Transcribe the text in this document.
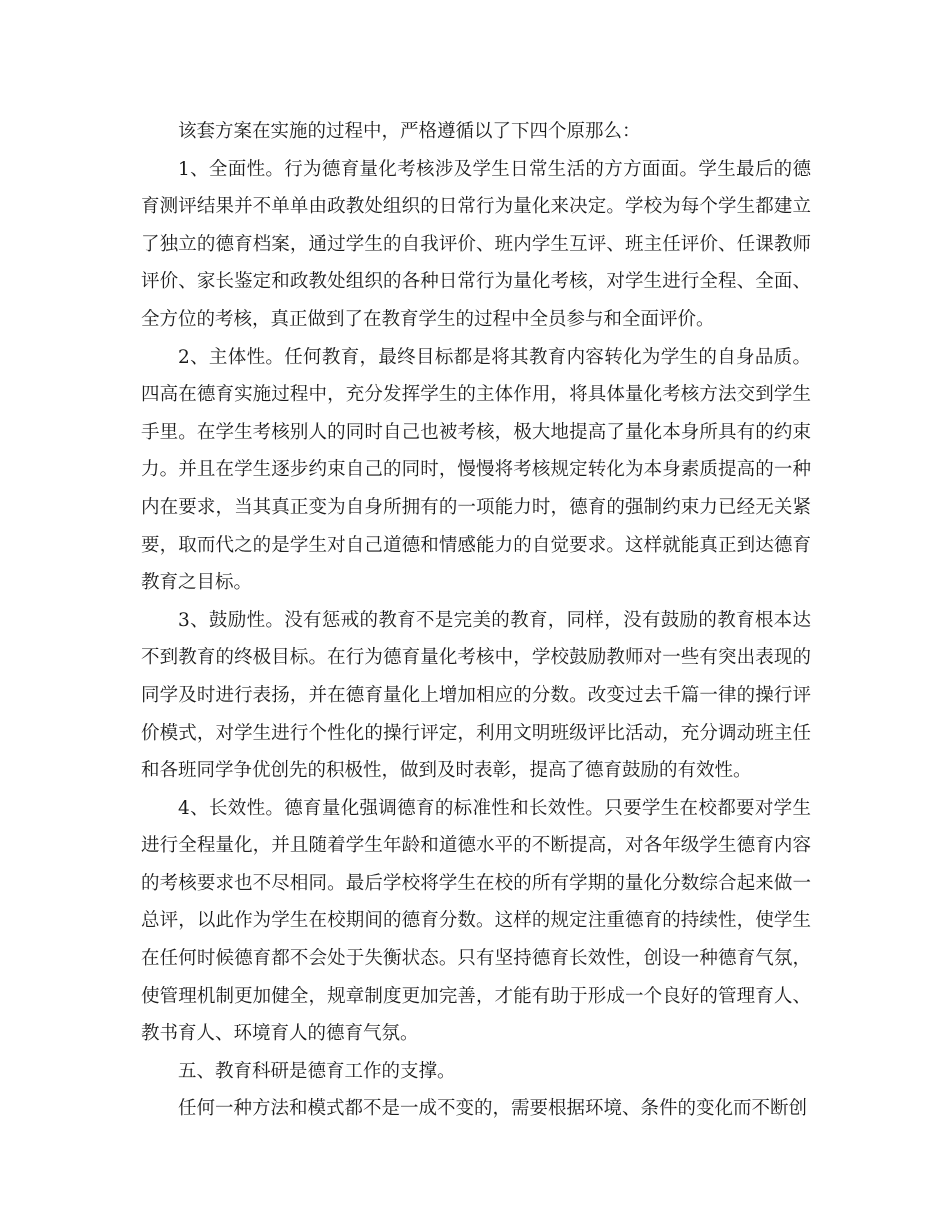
该套方案在实施的过程中，严格遵循以了下四个原那么：

1、全面性。行为德育量化考核涉及学生日常生活的方方面面。学生最后的德育测评结果并不单单由政教处组织的日常行为量化来决定。学校为每个学生都建立了独立的德育档案，通过学生的自我评价、班内学生互评、班主任评价、任课教师评价、家长鉴定和政教处组织的各种日常行为量化考核，对学生进行全程、全面、全方位的考核，真正做到了在教育学生的过程中全员参与和全面评价。

2、主体性。任何教育，最终目标都是将其教育内容转化为学生的自身品质。四高在德育实施过程中，充分发挥学生的主体作用，将具体量化考核方法交到学生手里。在学生考核别人的同时自己也被考核，极大地提高了量化本身所具有的约束力。并且在学生逐步约束自己的同时，慢慢将考核规定转化为本身素质提高的一种内在要求，当其真正变为自身所拥有的一项能力时，德育的强制约束力已经无关紧要，取而代之的是学生对自己道德和情感能力的自觉要求。这样就能真正到达德育教育之目标。

3、鼓励性。没有惩戒的教育不是完美的教育，同样，没有鼓励的教育根本达不到教育的终极目标。在行为德育量化考核中，学校鼓励教师对一些有突出表现的同学及时进行表扬，并在德育量化上增加相应的分数。改变过去千篇一律的操行评价模式，对学生进行个性化的操行评定，利用文明班级评比活动，充分调动班主任和各班同学争优创先的积极性，做到及时表彰，提高了德育鼓励的有效性。

4、长效性。德育量化强调德育的标准性和长效性。只要学生在校都要对学生进行全程量化，并且随着学生年龄和道德水平的不断提高，对各年级学生德育内容的考核要求也不尽相同。最后学校将学生在校的所有学期的量化分数综合起来做一总评，以此作为学生在校期间的德育分数。这样的规定注重德育的持续性，使学生在任何时候德育都不会处于失衡状态。只有坚持德育长效性，创设一种德育气氛，使管理机制更加健全，规章制度更加完善，才能有助于形成一个良好的管理育人、教书育人、环境育人的德育气氛。

五、教育科研是德育工作的支撑。

任何一种方法和模式都不是一成不变的，需要根据环境、条件的变化而不断创
